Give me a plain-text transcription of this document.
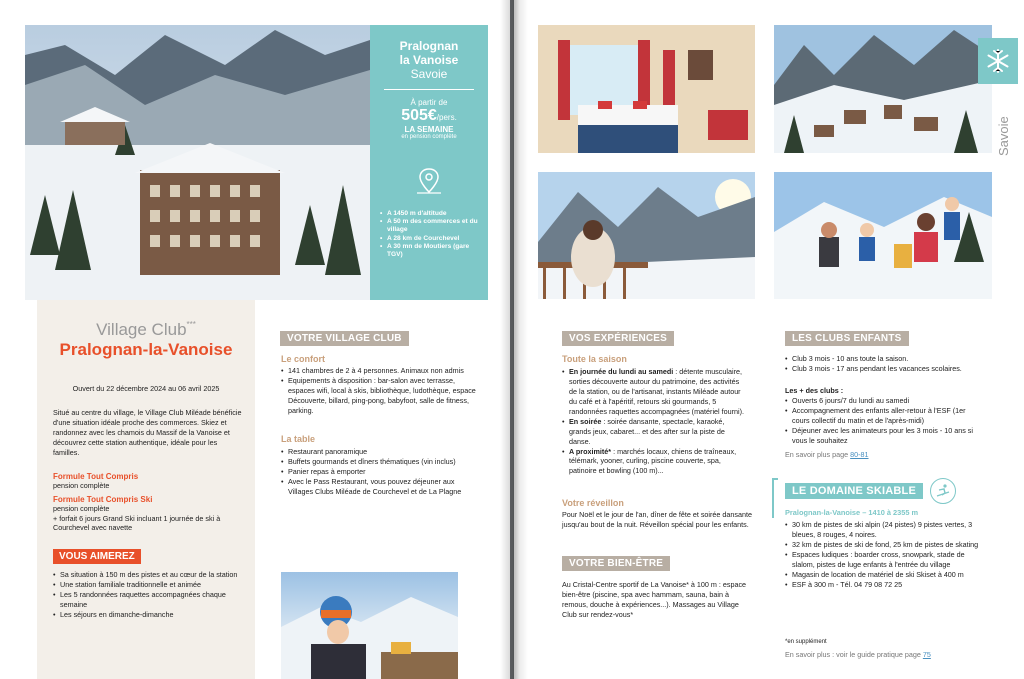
Pralognan
la Vanoise
Savoie
À partir de
505€/pers.
LA SEMAINE
en pension complète
• A 1450 m d'altitude
• A 50 m des commerces et du village
• A 28 km de Courchevel
• A 30 mn de Moutiers (gare TGV)
Village Club***
Pralognan-la-Vanoise
Ouvert du 22 décembre 2024 au 06 avril 2025
Situé au centre du village, le Village Club Miléade bénéficie d'une situation idéale proche des commerces. Skiez et randonnez avec les chamois du Massif de la Vanoise et découvrez cette station authentique, idéale pour les familles.
Formule Tout Compris
pension complète
Formule Tout Compris Ski
pension complète
+ forfait 6 jours Grand Ski incluant 1 journée de ski à Courchevel avec navette
VOUS AIMEREZ
• Sa situation à 150 m des pistes et au cœur de la station
• Une station familiale traditionnelle et animée
• Les 5 randonnées raquettes accompagnées chaque semaine
• Les séjours en dimanche-dimanche
VOTRE VILLAGE CLUB
Le confort
• 141 chambres de 2 à 4 personnes. Animaux non admis
• Equipements à disposition : bar-salon avec terrasse, espaces wifi, local à skis, bibliothèque, ludothèque, espace Découverte, billard, ping-pong, babyfoot, salle de fitness, parking.
La table
• Restaurant panoramique
• Buffets gourmands et dîners thématiques (vin inclus)
• Panier repas à emporter
• Avec le Pass Restaurant, vous pouvez déjeuner aux Villages Clubs Miléade de Courchevel et de La Plagne
Savoie
VOS EXPÉRIENCES
Toute la saison
• En journée du lundi au samedi : détente musculaire, sorties découverte autour du patrimoine, des activités de la station, ou de l'artisanat, instants Miléade autour du café et à l'apéritif, retours ski gourmands, 5 randonnées raquettes accompagnées (matériel fourni).
• En soirée : soirée dansante, spectacle, karaoké, grands jeux, cabaret... et des after sur la piste de danse.
• A proximité* : marchés locaux, chiens de traîneaux, télémark, yooner, curling, piscine couverte, spa, patinoire et bowling (100 m)...
Votre réveillon
Pour Noël et le jour de l'an, dîner de fête et soirée dansante jusqu'au bout de la nuit. Réveillon spécial pour les enfants.
VOTRE BIEN-ÊTRE
Au Cristal-Centre sportif de La Vanoise* à 100 m : espace bien-être (piscine, spa avec hammam, sauna, bain à remous, douche à expériences...). Massages au Village Club sur rendez-vous*
LES CLUBS ENFANTS
• Club 3 mois - 10 ans toute la saison.
• Club 3 mois - 17 ans pendant les vacances scolaires.
Les + des clubs :
• Ouverts 6 jours/7 du lundi au samedi
• Accompagnement des enfants aller-retour à l'ESF (1er cours collectif du matin et de l'après-midi)
• Déjeuner avec les animateurs pour les 3 mois - 10 ans si vous le souhaitez
En savoir plus page 80-81
LE DOMAINE SKIABLE
Pralognan-la-Vanoise – 1410 à 2355 m
• 30 km de pistes de ski alpin (24 pistes) 9 pistes vertes, 3 bleues, 8 rouges, 4 noires.
• 32 km de pistes de ski de fond, 25 km de pistes de skating
• Espaces ludiques : boarder cross, snowpark, stade de slalom, pistes de luge enfants à l'entrée du village
• Magasin de location de matériel de ski Skiset à 400 m
• ESF à 300 m - Tél. 04 79 08 72 25
*en supplément
En savoir plus : voir le guide pratique page 75
